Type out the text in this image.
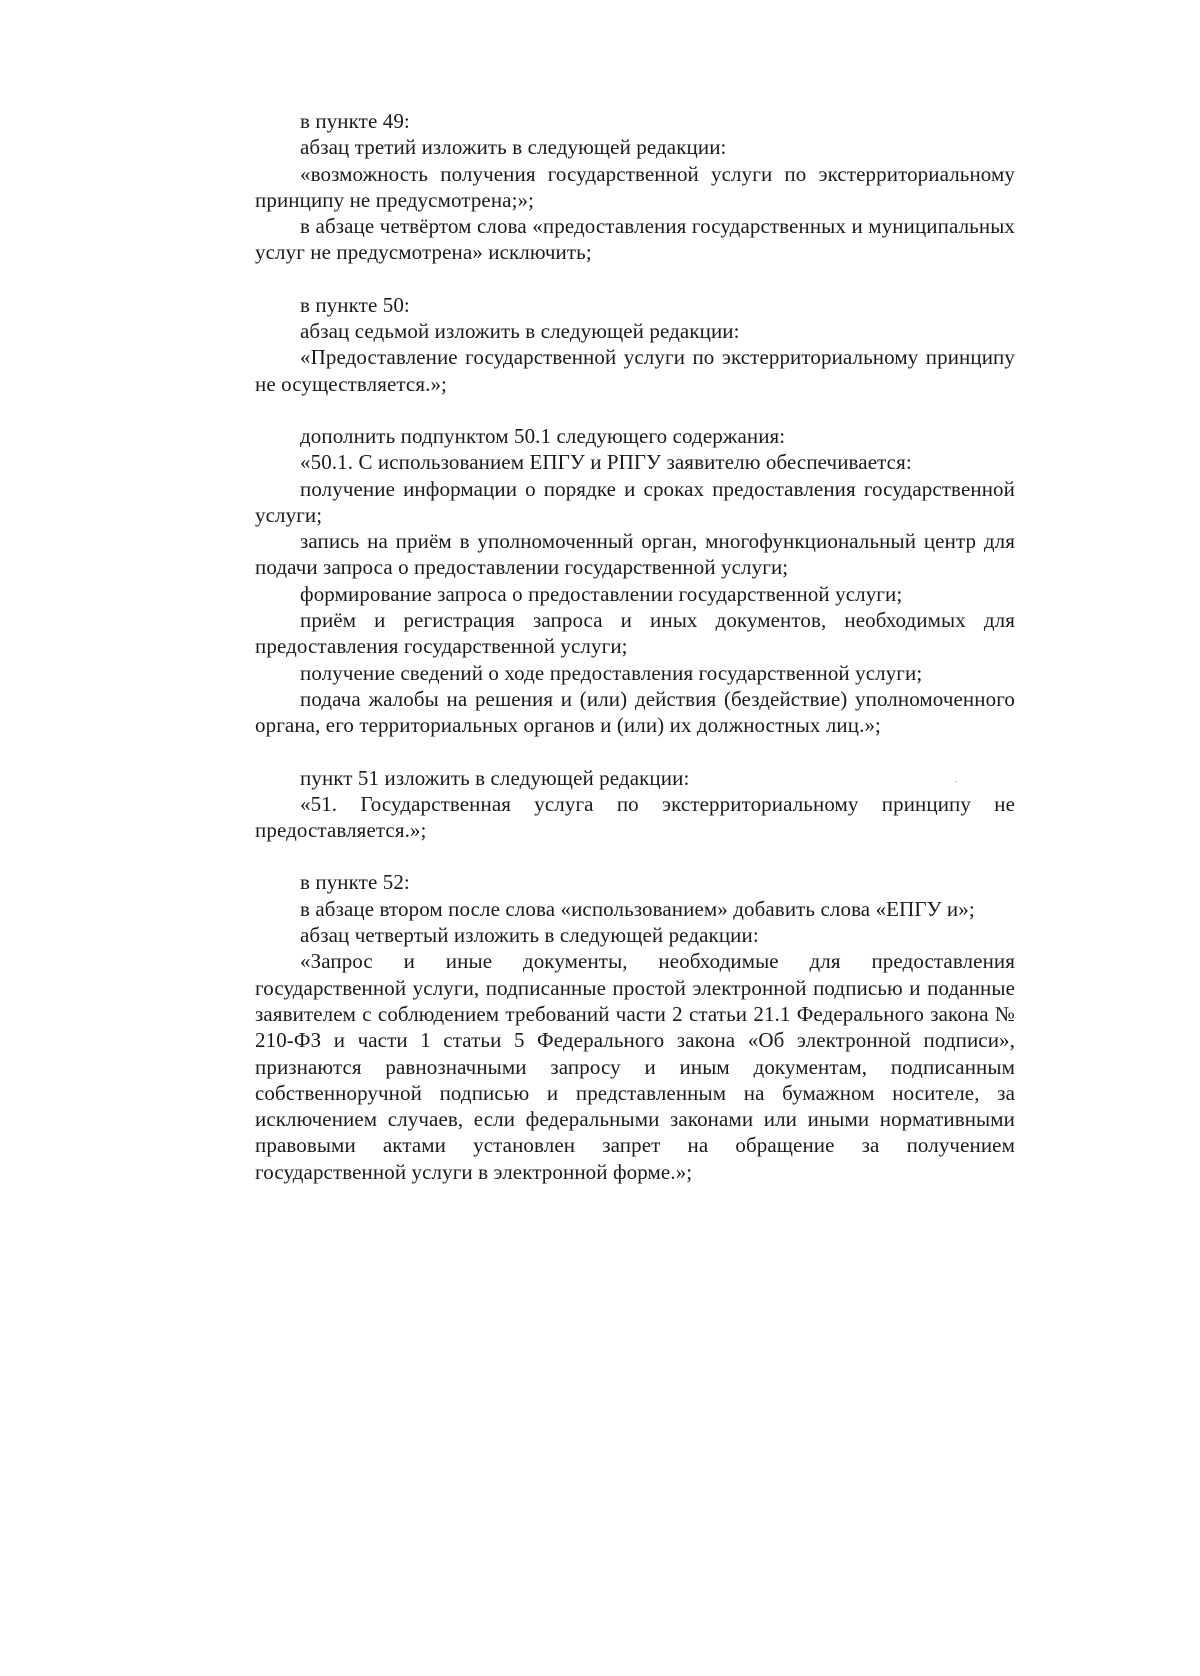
в пункте 49:

абзац третий изложить в следующей редакции:

«возможность получения государственной услуги по экстерриториальному принципу не предусмотрена;»;

в абзаце четвёртом слова «предоставления государственных и муниципальных услуг не предусмотрена» исключить;

в пункте 50:

абзац седьмой изложить в следующей редакции:

«Предоставление государственной услуги по экстерриториальному принципу не осуществляется.»;

дополнить подпунктом 50.1 следующего содержания:

«50.1. С использованием ЕПГУ и РПГУ заявителю обеспечивается:

получение информации о порядке и сроках предоставления государственной услуги;

запись на приём в уполномоченный орган, многофункциональный центр для подачи запроса о предоставлении государственной услуги;

формирование запроса о предоставлении государственной услуги;

приём и регистрация запроса и иных документов, необходимых для предоставления государственной услуги;

получение сведений о ходе предоставления государственной услуги;

подача жалобы на решения и (или) действия (бездействие) уполномоченного органа, его территориальных органов и (или) их должностных лиц.»;

пункт 51 изложить в следующей редакции:

«51. Государственная услуга по экстерриториальному принципу не предоставляется.»;

в пункте 52:

в абзаце втором после слова «использованием» добавить слова «ЕПГУ и»;

абзац четвертый изложить в следующей редакции:

«Запрос и иные документы, необходимые для предоставления государственной услуги, подписанные простой электронной подписью и поданные заявителем с соблюдением требований части 2 статьи 21.1 Федерального закона № 210-ФЗ и части 1 статьи 5 Федерального закона «Об электронной подписи», признаются равнозначными запросу и иным документам, подписанным собственноручной подписью и представленным на бумажном носителе, за исключением случаев, если федеральными законами или иными нормативными правовыми актами установлен запрет на обращение за получением государственной услуги в электронной форме.»;
